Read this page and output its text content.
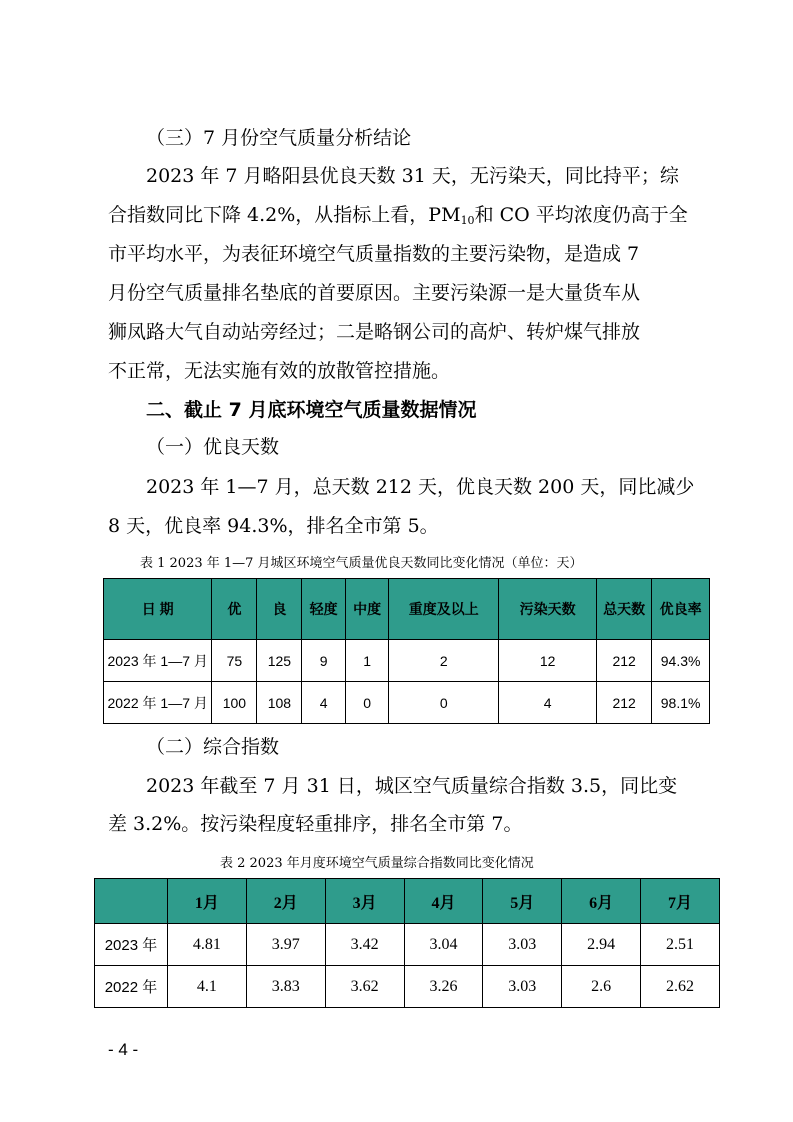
（三）7 月份空气质量分析结论

2023 年 7 月略阳县优良天数 31 天，无污染天，同比持平；综

合指数同比下降 4.2%，从指标上看，$PM_{10}$和 CO 平均浓度仍高于全

市平均水平，为表征环境空气质量指数的主要污染物，是造成 7

月份空气质量排名垫底的首要原因。主要污染源一是大量货车从

狮凤路大气自动站旁经过；二是略钢公司的高炉、转炉煤气排放

不正常，无法实施有效的放散管控措施。

二、截止 7 月底环境空气质量数据情况

（一）优良天数

2023 年 1—7 月，总天数 212 天，优良天数 200 天，同比减少

8 天，优良率 94.3%，排名全市第 5。

表 1 2023 年 1—7 月城区环境空气质量优良天数同比变化情况（单位：天）
日 期	优	良	轻度	中度	重度及以上	污染天数	总天数	优良率
2023 年 1—7 月	75	125	9	1	2	12	212	94.3%
2022 年 1—7 月	100	108	4	0	0	4	212	98.1%

（二）综合指数

2023 年截至 7 月 31 日，城区空气质量综合指数 3.5，同比变

差 3.2%。按污染程度轻重排序，排名全市第 7。

表 2 2023 年月度环境空气质量综合指数同比变化情况
	1月	2月	3月	4月	5月	6月	7月
2023 年	4.81	3.97	3.42	3.04	3.03	2.94	2.51
2022 年	4.1	3.83	3.62	3.26	3.03	2.6	2.62
- 4 -
